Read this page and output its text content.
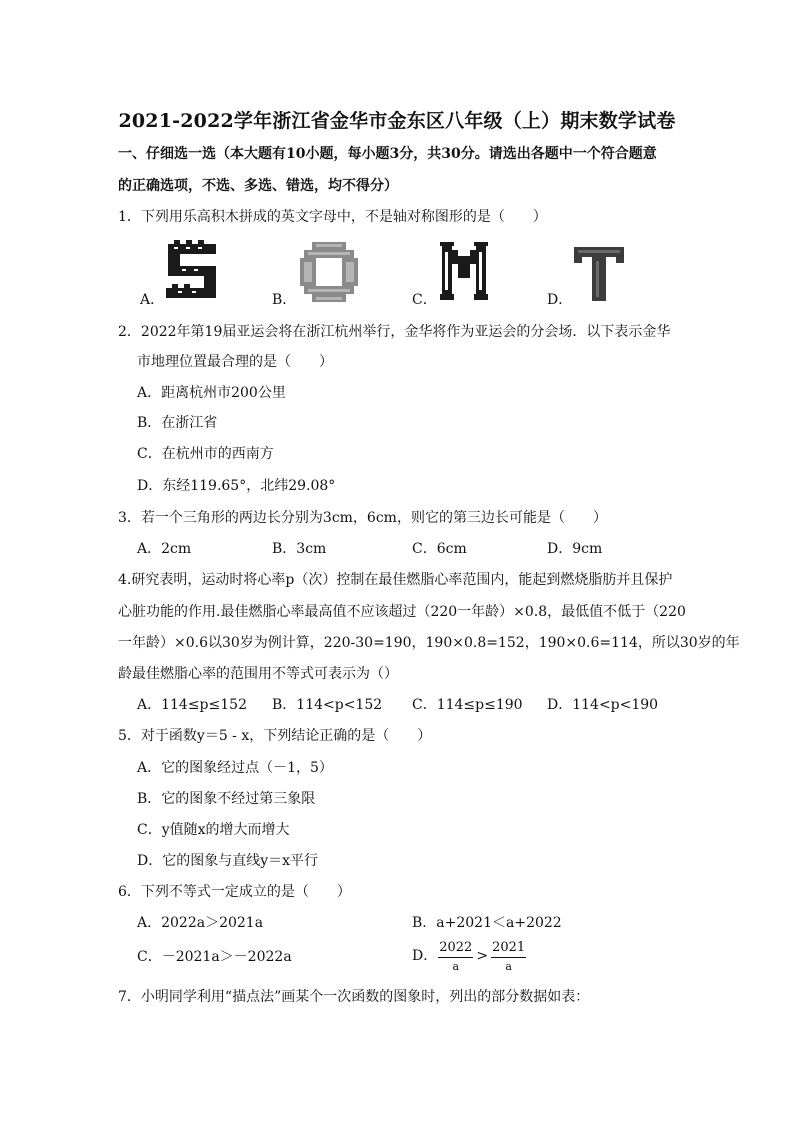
2021-2022学年浙江省金华市金东区八年级（上）期末数学试卷
一、仔细选一选（本大题有10小题，每小题3分，共30分。请选出各题中一个符合题意
的正确选项，不选、多选、错选，均不得分）
1．下列用乐高积木拼成的英文字母中，不是轴对称图形的是（　　）
A．	B．	C．	D．
2．2022年第19届亚运会将在浙江杭州举行，金华将作为亚运会的分会场．以下表示金华
市地理位置最合理的是（　　）
A．距离杭州市200公里
B．在浙江省
C．在杭州市的西南方
D．东经119.65°，北纬29.08°
3．若一个三角形的两边长分别为3cm，6cm，则它的第三边长可能是（　　）
A．2cm	B．3cm	C．6cm	D．9cm
4.研究表明，运动时将心率p（次）控制在最佳燃脂心率范围内，能起到燃烧脂肪并且保护
心脏功能的作用.最佳燃脂心率最高值不应该超过（220一年龄）×0.8，最低值不低于（220
一年龄）×0.6以30岁为例计算，220-30=190，190×0.8=152，190×0.6=114，所以30岁的年
龄最佳燃脂心率的范围用不等式可表示为（）
A．114≤p≤152 B．114<p<152 C．114≤p≤190 D．114<p<190
5．对于函数y＝5 - x，下列结论正确的是（　　）
A．它的图象经过点（－1，5）
B．它的图象不经过第三象限
C．y值随x的增大而增大
D．它的图象与直线y＝x平行
6．下列不等式一定成立的是（　　）
A．2022a＞2021a	B．a+2021＜a+2022
C．－2021a＞－2022a	D． $\frac{2022}{a} > \frac{2021}{a}$
7．小明同学利用“描点法”画某个一次函数的图象时，列出的部分数据如表：
